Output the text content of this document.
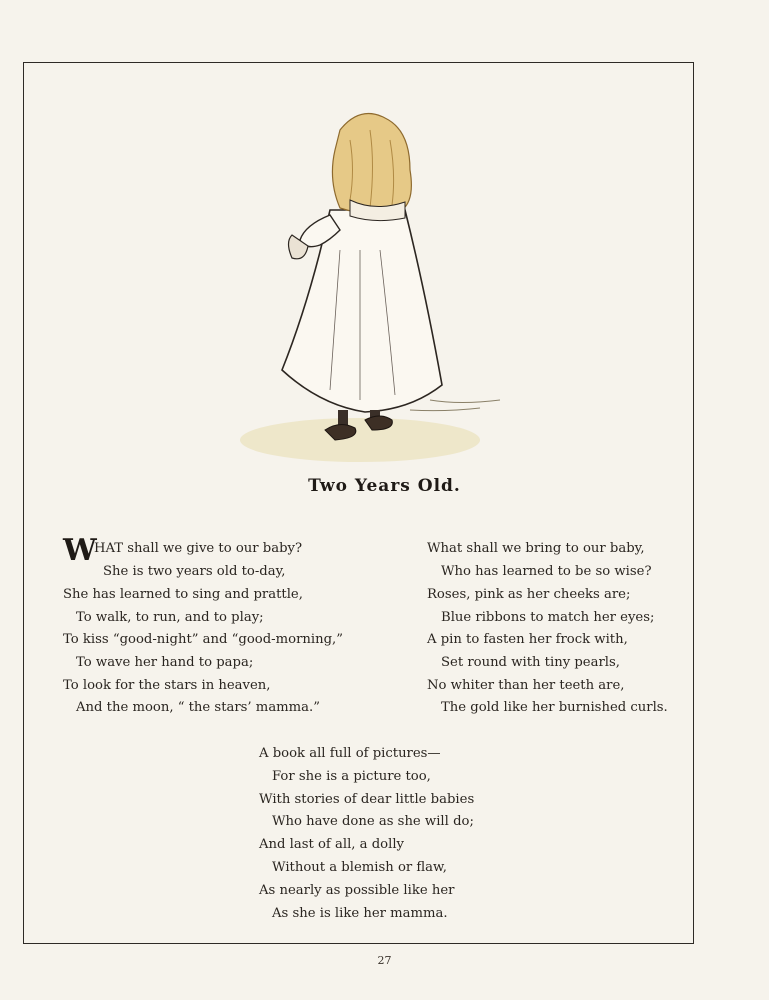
Two Years Old.
W
HAT shall we give to our baby?
She is two years old to-day,
She has learned to sing and prattle,
To walk, to run, and to play;
To kiss “good-night” and “good-morning,”
To wave her hand to papa;
To look for the stars in heaven,
And the moon, “ the stars’ mamma.”
What shall we bring to our baby,
Who has learned to be so wise?
Roses, pink as her cheeks are;
Blue ribbons to match her eyes;
A pin to fasten her frock with,
Set round with tiny pearls,
No whiter than her teeth are,
The gold like her burnished curls.
A book all full of pictures—
For she is a picture too,
With stories of dear little babies
Who have done as she will do;
And last of all, a dolly
Without a blemish or flaw,
As nearly as possible like her
As she is like her mamma.
27
